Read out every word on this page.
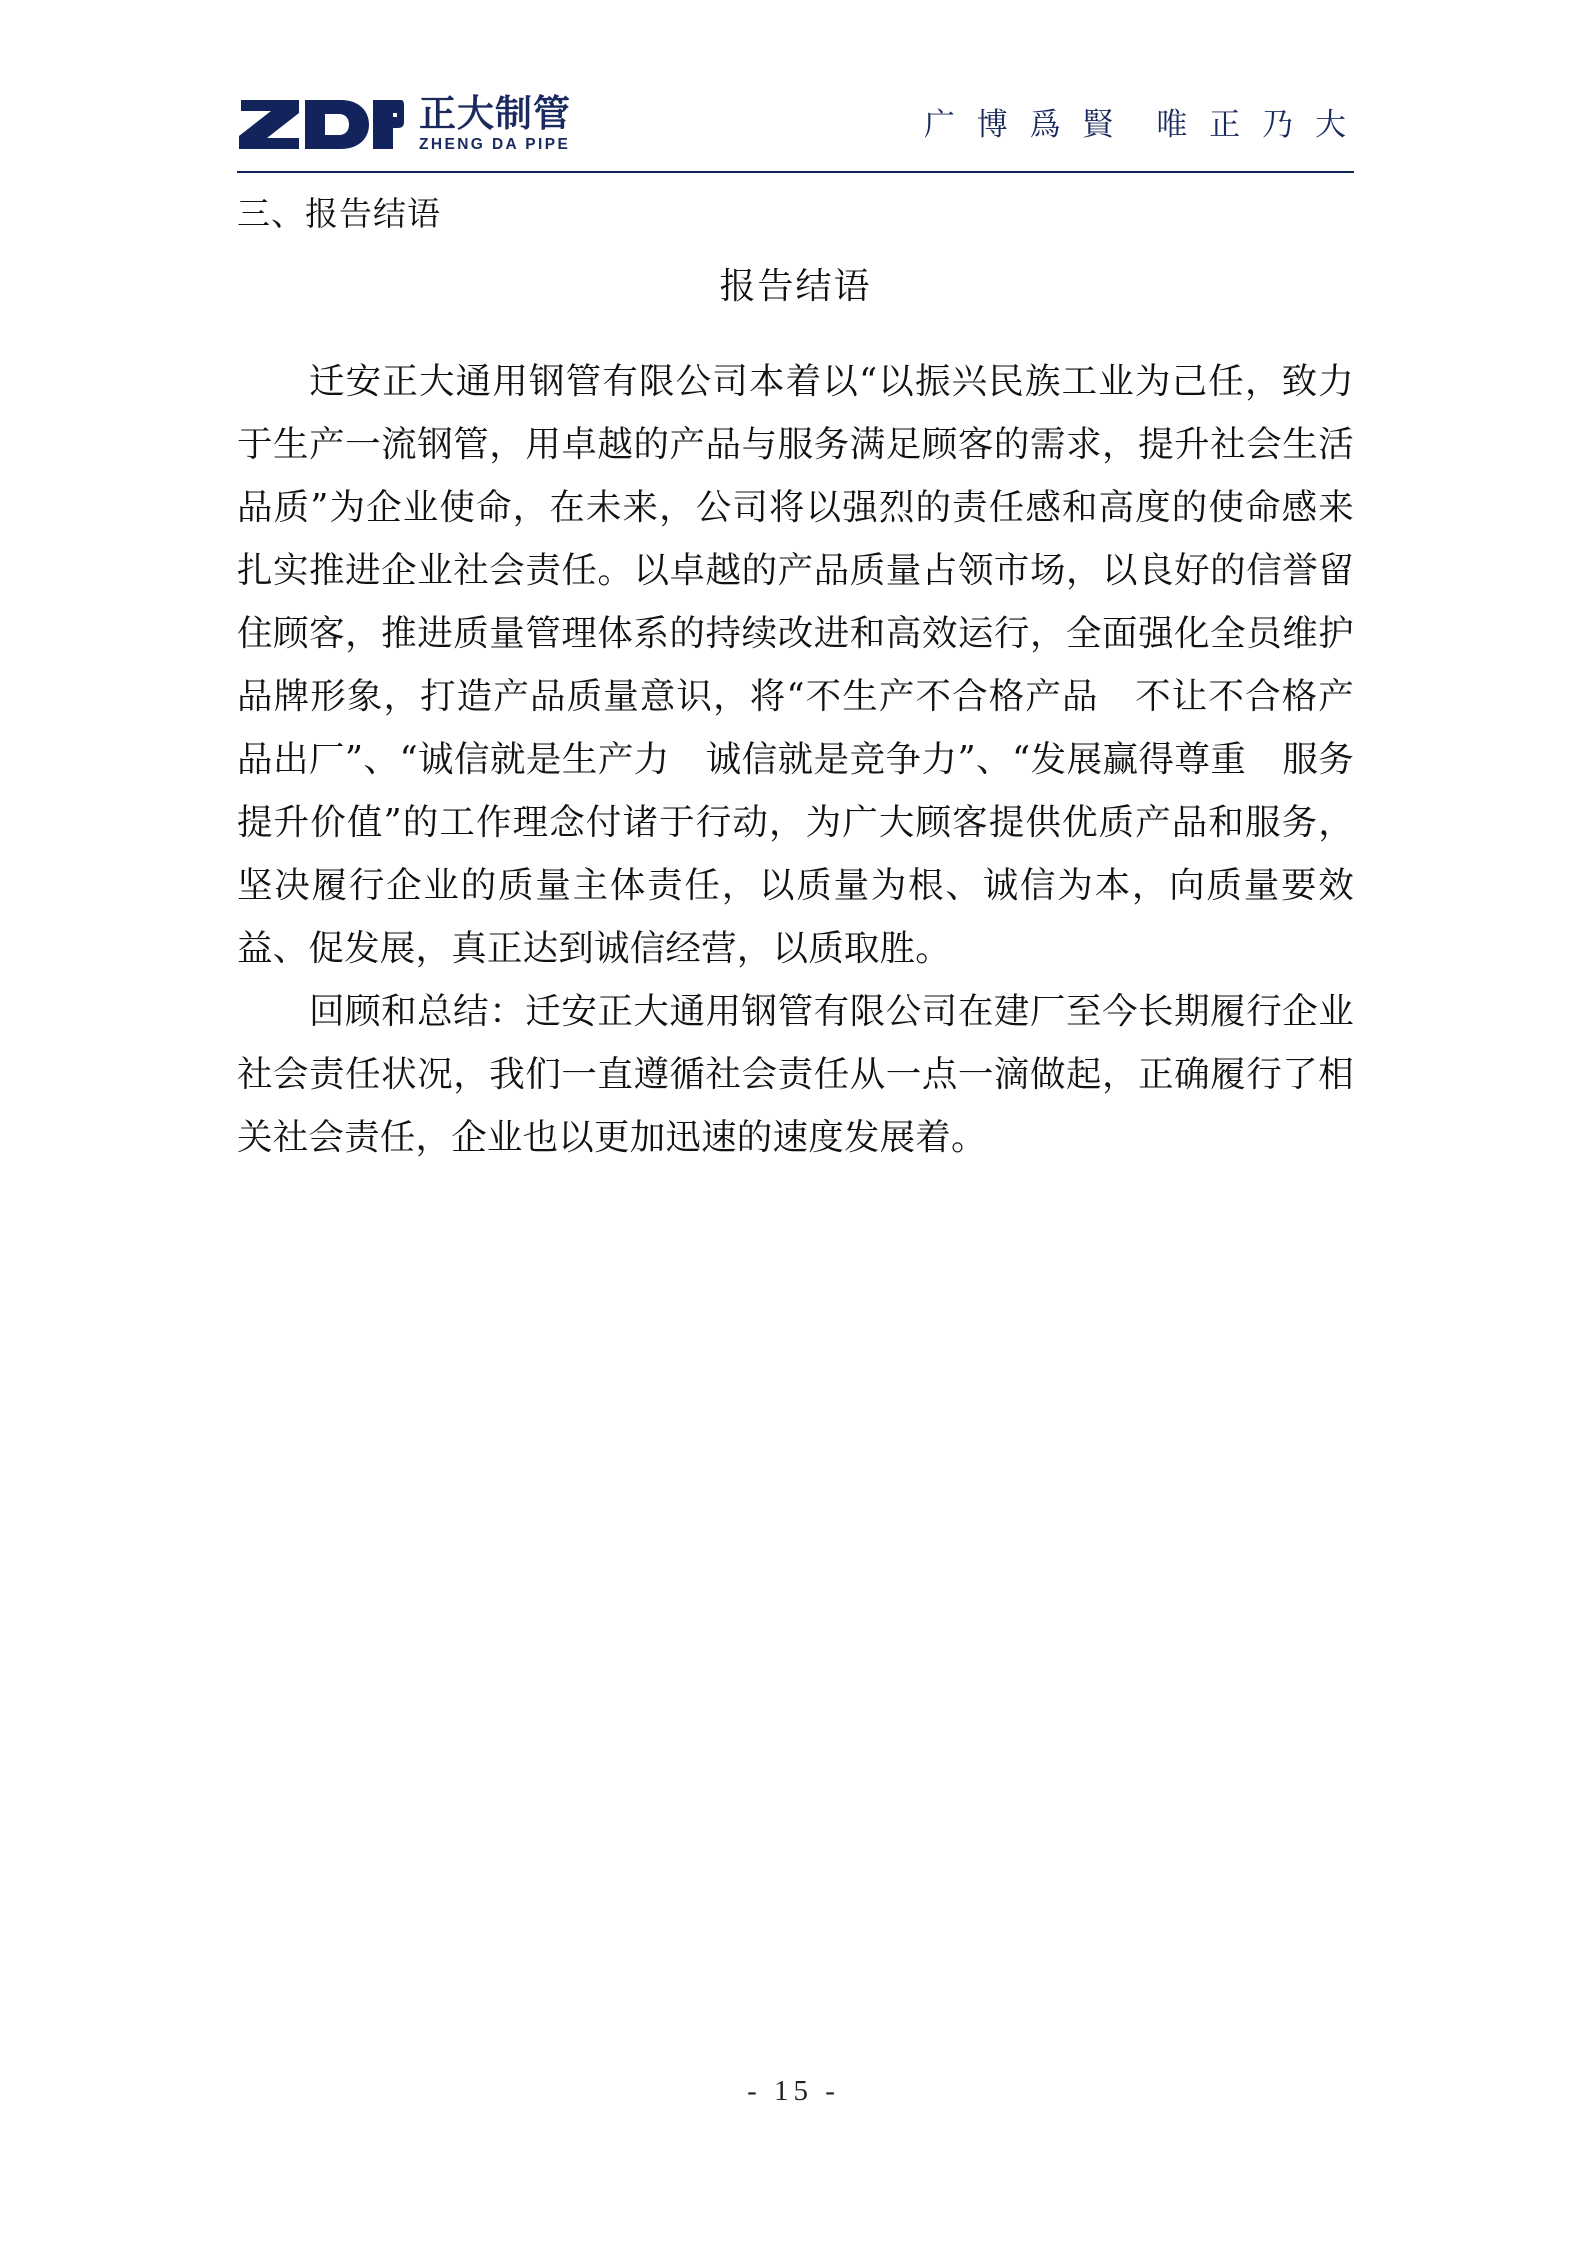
正大制管
ZHENG DA PIPE
广 博 爲 賢　唯 正 乃 大
三、报告结语
报告结语

迁安正大通用钢管有限公司本着以“以振兴民族工业为己任，致力于生产一流钢管，用卓越的产品与服务满足顾客的需求，提升社会生活品质”为企业使命，在未来，公司将以强烈的责任感和高度的使命感来扎实推进企业社会责任。以卓越的产品质量占领市场，以良好的信誉留住顾客，推进质量管理体系的持续改进和高效运行，全面强化全员维护品牌形象，打造产品质量意识，将“不生产不合格产品　不让不合格产品出厂”、“诚信就是生产力　诚信就是竞争力”、“发展赢得尊重　服务提升价值”的工作理念付诸于行动，为广大顾客提供优质产品和服务，坚决履行企业的质量主体责任，以质量为根、诚信为本，向质量要效益、促发展，真正达到诚信经营，以质取胜。

回顾和总结：迁安正大通用钢管有限公司在建厂至今长期履行企业社会责任状况，我们一直遵循社会责任从一点一滴做起，正确履行了相关社会责任，企业也以更加迅速的速度发展着。

- 15 -
